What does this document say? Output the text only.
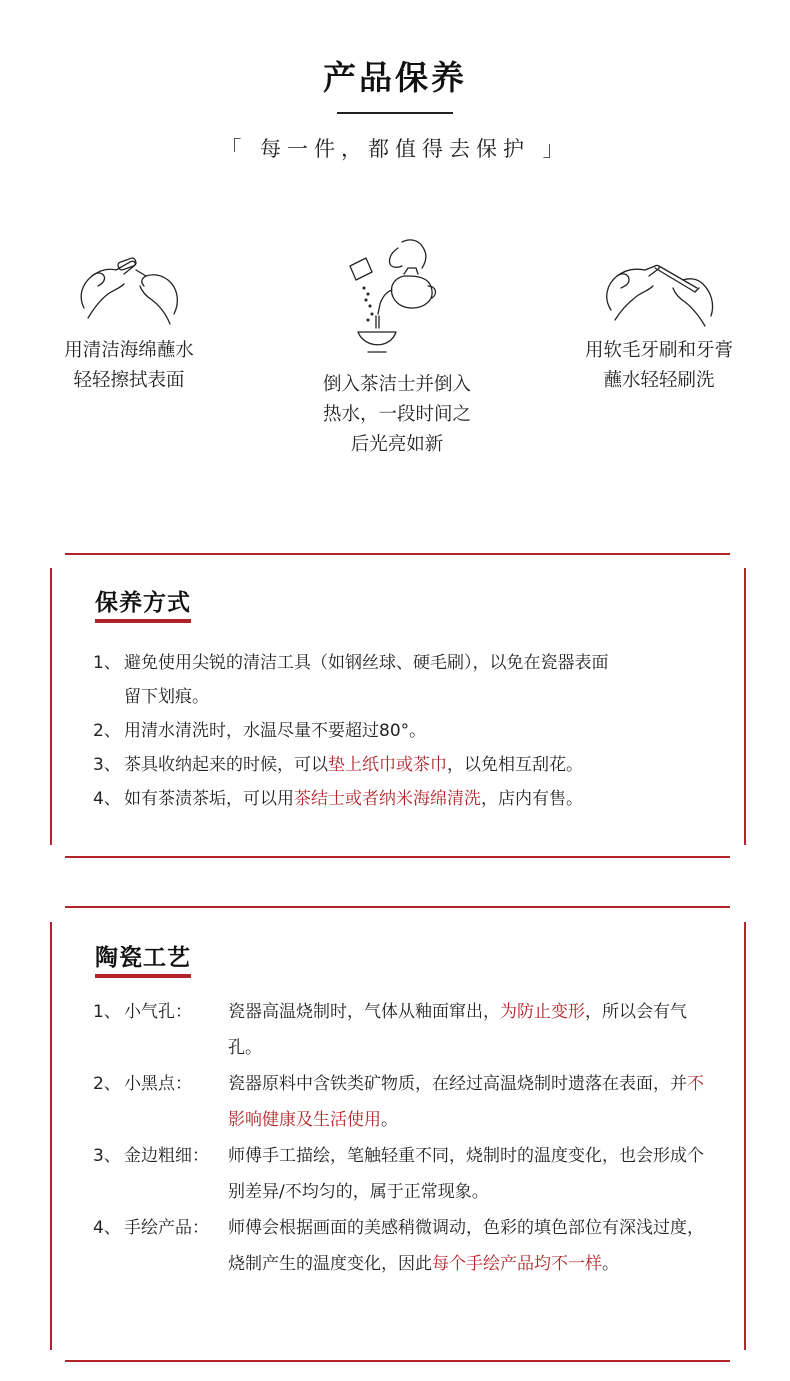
产品保养
「 每一件，都值得去保护 」
用清洁海绵蘸水
轻轻擦拭表面	倒入茶洁士并倒入
热水，一段时间之
后光亮如新
用软毛牙刷和牙膏
蘸水轻轻刷洗
保养方式
1、 避免使用尖锐的清洁工具（如钢丝球、硬毛刷），以免在瓷器表面
留下划痕。
2、 用清水清洗时，水温尽量不要超过80°。
3、 茶具收纳起来的时候，可以垫上纸巾或茶巾，以免相互刮花。
4、 如有茶渍茶垢，可以用茶结士或者纳米海绵清洗，店内有售。
陶瓷工艺
1、 小气孔：	瓷器高温烧制时，气体从釉面窜出，为防止变形，所以会有气孔。
2、 小黑点：	瓷器原料中含铁类矿物质，在经过高温烧制时遗落在表面，并不影响健康及生活使用。
3、 金边粗细：	师傅手工描绘，笔触轻重不同，烧制时的温度变化，也会形成个别差异/不均匀的，属于正常现象。
4、 手绘产品：	师傅会根据画面的美感稍微调动，色彩的填色部位有深浅过度，烧制产生的温度变化，因此每个手绘产品均不一样。
